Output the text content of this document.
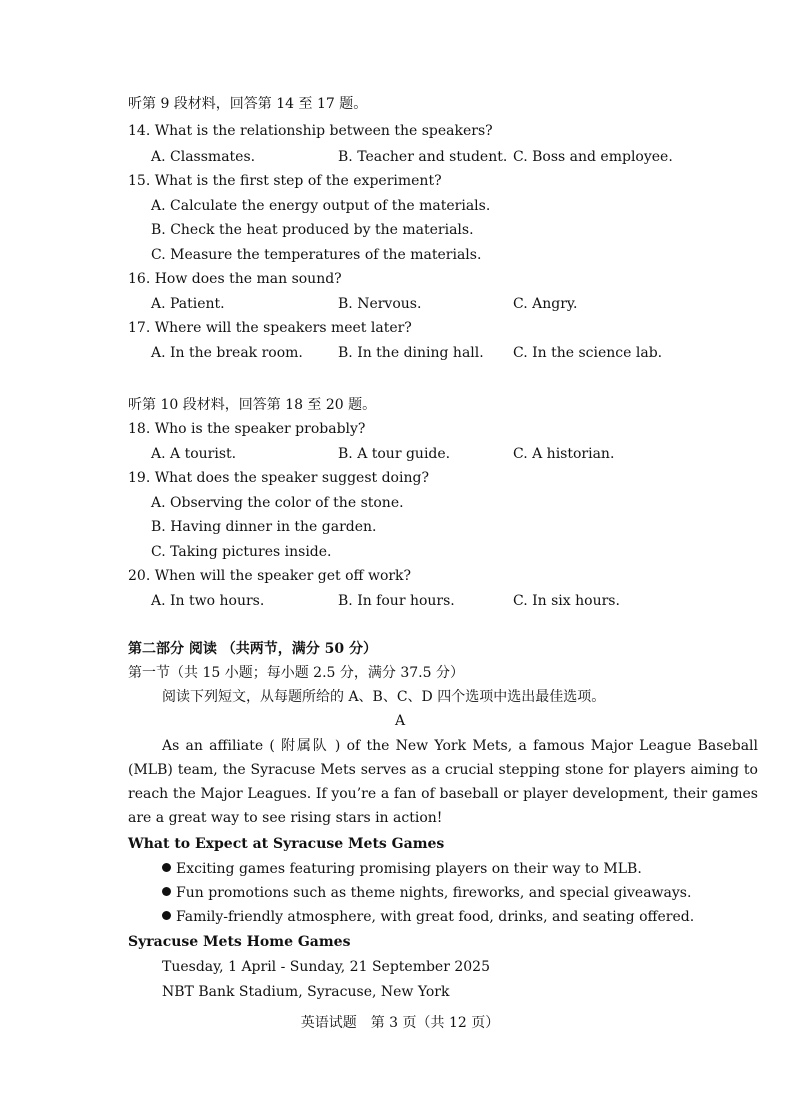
听第 9 段材料，回答第 14 至 17 题。
14. What is the relationship between the speakers?
A. Classmates.	B. Teacher and student. C. Boss and employee.
15. What is the first step of the experiment?
A. Calculate the energy output of the materials.
B. Check the heat produced by the materials.
C. Measure the temperatures of the materials.
16. How does the man sound?
A. Patient.	B. Nervous.	C. Angry.
17. Where will the speakers meet later?
A. In the break room.	B. In the dining hall. C. In the science lab.
听第 10 段材料，回答第 18 至 20 题。
18. Who is the speaker probably?
A. A tourist.	B. A tour guide.	C. A historian.
19. What does the speaker suggest doing?
A. Observing the color of the stone.
B. Having dinner in the garden.
C. Taking pictures inside.
20. When will the speaker get off work?
A. In two hours.	B. In four hours.	C. In six hours.
第二部分 阅读 （共两节，满分 50 分）
第一节（共 15 小题；每小题 2.5 分，满分 37.5 分）
阅读下列短文，从每题所给的 A、B、C、D 四个选项中选出最佳选项。
A

As an affiliate ( 附属队 ) of the New York Mets, a famous Major League Baseball (MLB) team, the Syracuse Mets serves as a crucial stepping stone for players aiming to reach the Major Leagues. If you’re a fan of baseball or player development, their games are a great way to see rising stars in action!

What to Expect at Syracuse Mets Games
Exciting games featuring promising players on their way to MLB.
Fun promotions such as theme nights, fireworks, and special giveaways.
Family-friendly atmosphere, with great food, drinks, and seating offered.
Syracuse Mets Home Games
Tuesday, 1 April - Sunday, 21 September 2025
NBT Bank Stadium, Syracuse, New York
英语试题　第 3 页（共 12 页）
